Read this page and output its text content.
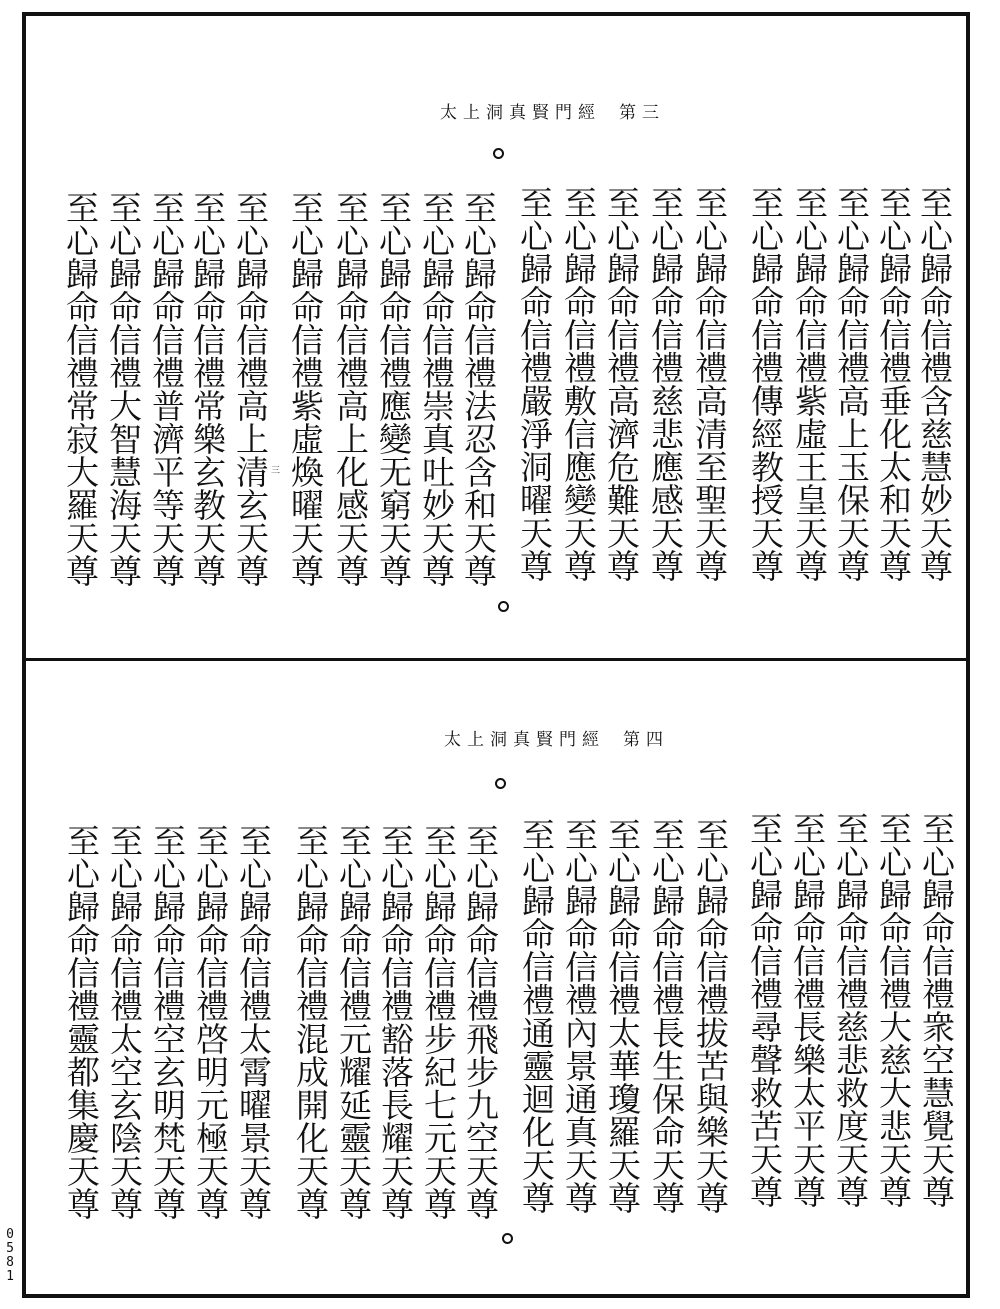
太上洞真賢門經 第三
至心歸命信禮含慈慧妙天尊
至心歸命信禮垂化太和天尊
至心歸命信禮高上玉保天尊
至心歸命信禮紫虛王皇天尊
至心歸命信禮傳經教授天尊
至心歸命信禮高清至聖天尊
至心歸命信禮慈悲應感天尊
至心歸命信禮高濟危難天尊
至心歸命信禮敷信應變天尊
至心歸命信禮嚴淨洞曜天尊
至心歸命信禮法忍含和天尊
至心歸命信禮崇真吐妙天尊
至心歸命信禮應變无窮天尊
至心歸命信禮高上化感天尊
至心歸命信禮紫虛煥曜天尊
至心歸命信禮高上清玄天尊
至心歸命信禮常樂玄教天尊
至心歸命信禮普濟平等天尊
至心歸命信禮大智慧海天尊
至心歸命信禮常寂大羅天尊	三
太上洞真賢門經 第四
至心歸命信禮衆空慧覺天尊
至心歸命信禮大慈大悲天尊
至心歸命信禮慈悲救度天尊
至心歸命信禮長樂太平天尊
至心歸命信禮尋聲救苦天尊
至心歸命信禮拔苦與樂天尊
至心歸命信禮長生保命天尊
至心歸命信禮太華瓊羅天尊
至心歸命信禮內景通真天尊
至心歸命信禮通靈迴化天尊
至心歸命信禮飛步九空天尊
至心歸命信禮步紀七元天尊
至心歸命信禮豁落長耀天尊
至心歸命信禮元耀延靈天尊
至心歸命信禮混成開化天尊
至心歸命信禮太霄曜景天尊
至心歸命信禮啓明元極天尊
至心歸命信禮空玄明梵天尊
至心歸命信禮太空玄陰天尊
至心歸命信禮靈都集慶天尊
0581
